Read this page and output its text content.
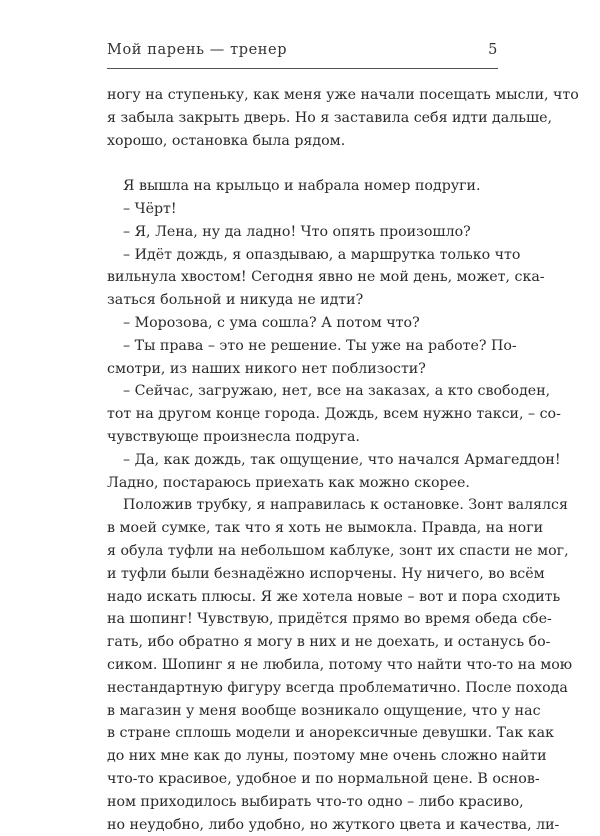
Мой парень — тренер	5
ногу на ступеньку, как меня уже начали посещать мысли, что
я забыла закрыть дверь. Но я заставила себя идти дальше,
хорошо, остановка была рядом.
Я вышла на крыльцо и набрала номер подруги.
– Чёрт!
– Я, Лена, ну да ладно! Что опять произошло?
– Идёт дождь, я опаздываю, а маршрутка только что
вильнула хвостом! Сегодня явно не мой день, может, ска-
заться больной и никуда не идти?
– Морозова, с ума сошла? А потом что?
– Ты права – это не решение. Ты уже на работе? По-
смотри, из наших никого нет поблизости?
– Сейчас, загружаю, нет, все на заказах, а кто свободен,
тот на другом конце города. Дождь, всем нужно такси, – со-
чувствующе произнесла подруга.
– Да, как дождь, так ощущение, что начался Армагеддон!
Ладно, постараюсь приехать как можно скорее.
Положив трубку, я направилась к остановке. Зонт валялся
в моей сумке, так что я хоть не вымокла. Правда, на ноги
я обула туфли на небольшом каблуке, зонт их спасти не мог,
и туфли были безнадёжно испорчены. Ну ничего, во всём
надо искать плюсы. Я же хотела новые – вот и пора сходить
на шопинг! Чувствую, придётся прямо во время обеда сбе-
гать, ибо обратно я могу в них и не доехать, и останусь бо-
сиком. Шопинг я не любила, потому что найти что-то на мою
нестандартную фигуру всегда проблематично. После похода
в магазин у меня вообще возникало ощущение, что у нас
в стране сплошь модели и анорексичные девушки. Так как
до них мне как до луны, поэтому мне очень сложно найти
что-то красивое, удобное и по нормальной цене. В основ-
ном приходилось выбирать что-то одно – либо красиво,
но неудобно, либо удобно, но жуткого цвета и качества, ли-
